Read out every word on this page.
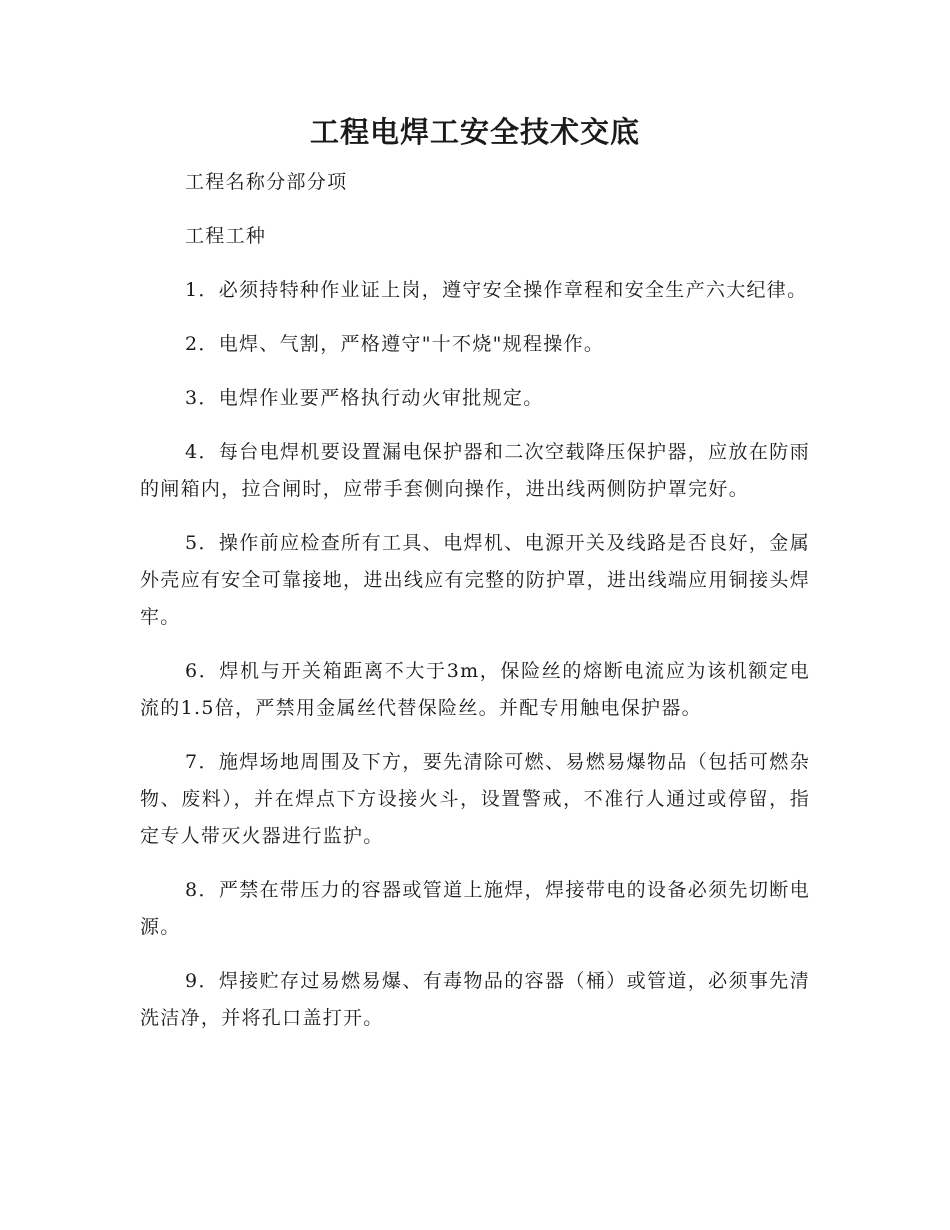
工程电焊工安全技术交底

工程名称分部分项

工程工种

1．必须持特种作业证上岗，遵守安全操作章程和安全生产六大纪律。

2．电焊、气割，严格遵守"十不烧"规程操作。

3．电焊作业要严格执行动火审批规定。

4．每台电焊机要设置漏电保护器和二次空载降压保护器，应放在防雨的闸箱内，拉合闸时，应带手套侧向操作，进出线两侧防护罩完好。

5．操作前应检查所有工具、电焊机、电源开关及线路是否良好，金属外壳应有安全可靠接地，进出线应有完整的防护罩，进出线端应用铜接头焊牢。

6．焊机与开关箱距离不大于3m，保险丝的熔断电流应为该机额定电流的1.5倍，严禁用金属丝代替保险丝。并配专用触电保护器。

7．施焊场地周围及下方，要先清除可燃、易燃易爆物品（包括可燃杂物、废料），并在焊点下方设接火斗，设置警戒，不准行人通过或停留，指定专人带灭火器进行监护。

8．严禁在带压力的容器或管道上施焊，焊接带电的设备必须先切断电源。

9．焊接贮存过易燃易爆、有毒物品的容器（桶）或管道，必须事先清洗洁净，并将孔口盖打开。
